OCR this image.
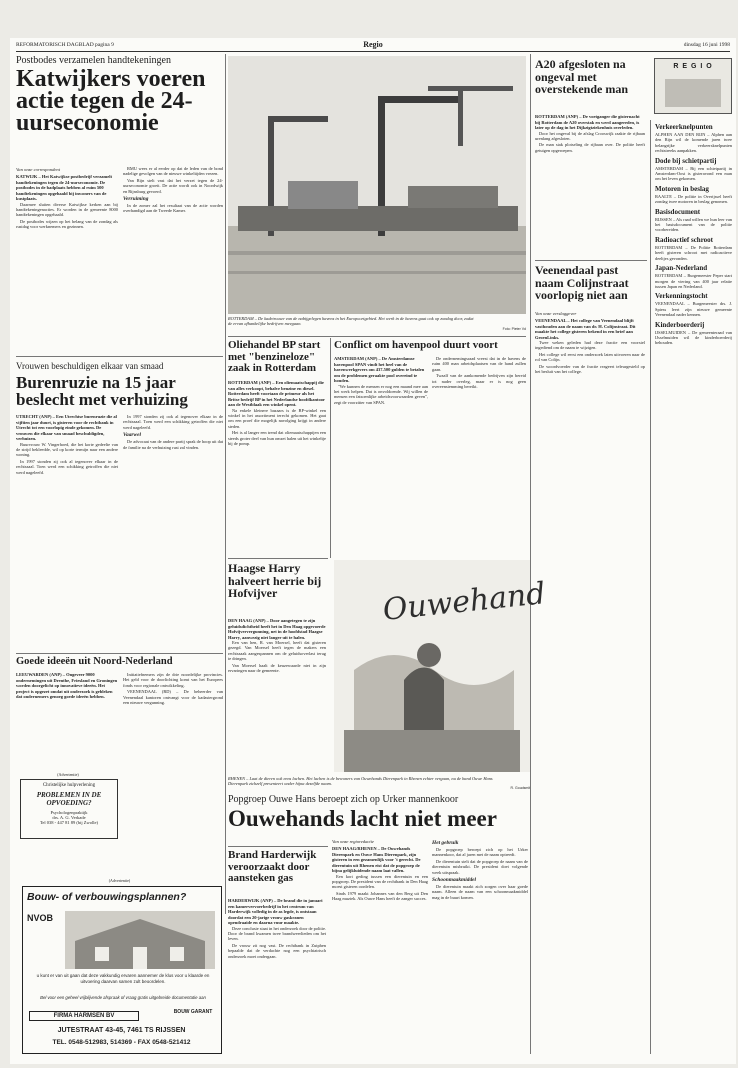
REFORMATORISCH DAGBLAD pagina 9	Regio	dinsdag 16 juni 1998
Postbodes verzamelen handtekeningen
Katwijkers voeren actie tegen de 24-uurseconomie
Van onze correspondent
KATWIJK – Het Katwijkse postbedrijf verzamelt handtekeningen tegen de 24-uurseconomie. De postbodes in de badplaats hebben al ruim 500 handtekeningen opgehaald bij inwoners van de kustplaats.

Daarmee sluiten diverse Katwijkse kerken aan bij handtekeningenacties. Er worden in de gemeente 8000 handtekeningen opgehaald.

De postbodes wijzen op het belang van de zondag als rustdag voor werknemers en gezinnen.

RMU wees er al eerder op dat de leden van de bond nadelige gevolgen van de nieuwe winkeltijden vrezen.

Van Rijn stelt vast dat het verzet tegen de 24-uurseconomie groeit. De actie wordt ook in Noordwijk en Rijnsburg gevoerd.

Verruiming

In de zomer zal het resultaat van de actie worden overhandigd aan de Tweede Kamer.

ROTTERDAM – De kadetrouwe van de nabijgelegen havens in het Europoortgebied. Het werk in de havens gaat ook op zondag door, zodat de ervan afhankelijke bedrijven meegaan.
Foto: Pieter Vd
Oliehandel BP start met "benzineloze" zaak in Rotterdam
ROTTERDAM (ANP) – Een oliemaatschappij die van alles verkoopt, behalve benzine en diesel. Rotterdam heeft voortaan de primeur als het Britse bedrijf BP in het Nederlandse hoofdkantoor aan de Westblaak een winkel opent.

Na enkele kleinere bazaars is de BP-winkel een winkel in het assortiment terecht gekomen. Het gaat om een proef die mogelijk navolging krijgt in andere steden.

Het is al langer een trend dat oliemaatschappijen een steeds groter deel van hun omzet halen uit het winkeltje bij de pomp.

Conflict om havenpool duurt voort
AMSTERDAM (ANP) – De Amsterdamse havenpool SPAN vindt het heel van de havenwerkgevers om 437.500 gulden te betalen om de problemen geraakte pool overeind te houden.

"We kunnen de mensen er nog een maand mee aan het werk helpen. Dat is onvoldoende. Wij willen de mensen een fatsoenlijke arbeidsvoorwaarden geven", zegt de voorzitter van SPAN.

De ondernemingsraad vreest dat in de havens de ruim 400 man arbeidsplaatsen van de hand zullen gaan.

Twaalf van de aankomende bedrijven zijn bereid tot nader overleg, maar er is nog geen overeenstemming bereikt.

Vrouwen beschuldigen elkaar van smaad
Burenruzie na 15 jaar beslecht met verhuizing
UTRECHT (ANP) – Een Utrechtse burenruzie die al vijftien jaar duurt, is gisteren voor de rechtbank in Utrecht tot een voorlopig einde gekomen. De vrouwen die elkaar van smaad beschuldigden, verhuizen.

Buurvrouw W. Vingerhoed, die het korte gedeelte van de strijd bekleedde, wil op korte termijn naar een andere woning.

In 1997 stonden zij ook al tegenover elkaar in de rechtszaal. Toen werd een schikking getroffen die niet werd nageleefd.

In 1997 stonden zij ook al tegenover elkaar in de rechtszaal. Toen werd een schikking getroffen die niet werd nageleefd.

Vaarwel

De advocaat van de andere partij sprak de hoop uit dat de familie na de verhuizing rust zal vinden.

Haagse Harry halveert herrie bij Hofvijver
DEN HAAG (ANP) – Door aangetegen te zijn geluidsdichtheid heeft het in Den Haag opgevoerde Hofvijververgunning, net in de hoofdstad Haagse Harry, aanwezig niet langer uit te halen.

Een van hen, R. van Moersel, heeft dat gisteren gezegd. Van Moersel heeft tegen de makers een rechtszaak aangespannen om de geluidsoverlast terug te dringen.

Van Moersel haalt de keuzewaarde niet in zijn ervaringen naar de gemeente.

Ouwehand
RHENEN – Laat de dieren ook eens lachen. Het lachen is de bewoners van Ouwehands Dierenpark in Rhenen echter vergaan, nu de band Ouwe Hans Dierenpark zichzelf presenteert onder hijna dezelfde naam.
R. Goudsmit
Popgroep Ouwe Hans beroept zich op Urker mannenkoor
Ouwehands lacht niet meer
Van onze regioredactie
DEN HAAG/RHENEN – De Ouwehands Dierenpark en Ouwe Hans Dierenpark, zijn gisteren in een gezamenlijk voor 't gerecht. De dierentuin uit Rhenen eist dat de popgroep de bijna gelijkluidende naam laat vallen.

Een kort geding tussen een dierentuin en een popgroep. De president van de rechtbank in Den Haag moest gisteren oordelen.

Sinds 1979 maakt Johannes van den Berg uit Den Haag muziek. Als Ouwe Hans heeft de zanger succes.

Het gebruik

De popgroep beroept zich op het Urker mannenkoor, dat al jaren met de naam optreedt.

De dierentuin stelt dat de popgroep de naam van de dierentuin misbruikt. De president doet volgende week uitspraak.

Schoonmaakmiddel

De dierentuin maakt zich zorgen over haar goede naam. Alleen de naam van een schoonmaakmiddel mag in de buurt komen.

Brand Harderwijk veroorzaakt door aansteken gas
HARDERWIJK (ANP) – De brand die in januari een kamervervoerbedrijf in het centrum van Harderwijk volledig in de as legde, is ontstaan doordat een 20-jarige vrouw gaskranen opendraaide en daarna vuur maakte.

Deze conclusie staat in het onderzoek door de politie. Door de brand kwamen twee brandweerlieden om het leven.

De vrouw zit nog vast. De rechtbank in Zutphen bepaalde dat de verdachte nog een psychiatrisch onderzoek moet ondergaan.

Goede ideeën uit Noord-Nederland
LEEUWARDEN (ANP) – Ongeveer 9000 ondernemingen uit Drenthe, Friesland en Groningen worden doorgelicht op innovatieve ideeën. Het project is opgezet omdat uit onderzoek is gebleken dat ondernemers genoeg goede ideeën hebben.

Initiatiefnemers zijn de drie noordelijke provincies. Het geld voor de doorlichting komt van het Europees fonds voor regionale ontwikkeling.

VEENENDAAL (RD) – De beheerder van Veenendaal kantoren ontvangt voor de kadastergrond een nieuwe vergunning.

(Advertentie)
Christelijke hulpverlening
PROBLEMEN IN DE OPVOEDING?
Psychologenpraktijk
drs. A. G. Verkade
Tel 038 - 447 81 89 (bij Zwolle)
(Advertentie)
Bouw- of verbouwingsplannen?
NVOB
u kunt er van uit gaan dat deze vakkundig ervaren aannemer de klus voor u klaarde en uitvoering daarvan samen zult beoordelen.
Bel voor een geheel vrijblijvende afspraak of vraag gratis uitgebreide documentatie aan
FIRMA HARMSEN BV
BOUW GARANT
JUTESTRAAT 43-45, 7461 TS RIJSSEN
TEL. 0548-512983, 514369 - FAX 0548-521412
A20 afgesloten na ongeval met overstekende man
ROTTERDAM (ANP) – De voetganger die gisternacht bij Rotterdam de A20 overstak en werd aangereden, is later op de dag in het Dijkzigtziekenhuis overleden.

Door het ongeval bij de afslag Crooswijk raakte de rijbaan urenlang afgesloten.

De man stak plotseling de rijbaan over. De politie heeft getuigen opgeroepen.

Veenendaal past naam Colijnstraat voorlopig niet aan
Van onze verslaggever
VEENENDAAL – Het college van Veenendaal blijft vasthouden aan de naam van dr. H. Colijnstraat. Dit maakte het college gisteren bekend in een brief aan GroenLinks.

Twee weken geleden had deze fractie een voorstel ingediend om de naam te wijzigen.

Het college wil eerst een onderzoek laten uitvoeren naar de rol van Colijn.

De woordvoerder van de fractie reageert teleurgesteld op het besluit van het college.

R E G I O
Verkeerknelpunten
ALPHEN AAN DEN RIJN – Alphen aan den Rijn wil de komende jaren twee belangrijke verkeersknelpunten rechtstreeks aanpakken.
Dode bij schietpartij
AMSTERDAM – Bij een schietpartij in Amsterdam-Oost is gisteravond een man om het leven gekomen.
Motoren in beslag
RAALTE – De politie in Overijssel heeft zondag twee motoren in beslag genomen.
Basisdocument
RIJSSEN – Als raad willen we hun leer van het basisdocument van de politie voorbereiden.
Radioactief schroot
ROTTERDAM – De Politie Rotterdam heeft gisteren schroot met radioactieve deeltjes gevonden.
Japan-Nederland
ROTTERDAM – Burgemeester Peper start morgen de viering van 400 jaar relatie tussen Japan en Nederland.
Verkenningstocht
VEENENDAAL – Burgemeester drs. J. Spiess leert zijn nieuwe gemeente Veenendaal nader kennen.
Kinderboerderij
IJSSELMUIDEN – De gemeenteraad van IJsselmuiden wil de kinderboerderij behouden.
